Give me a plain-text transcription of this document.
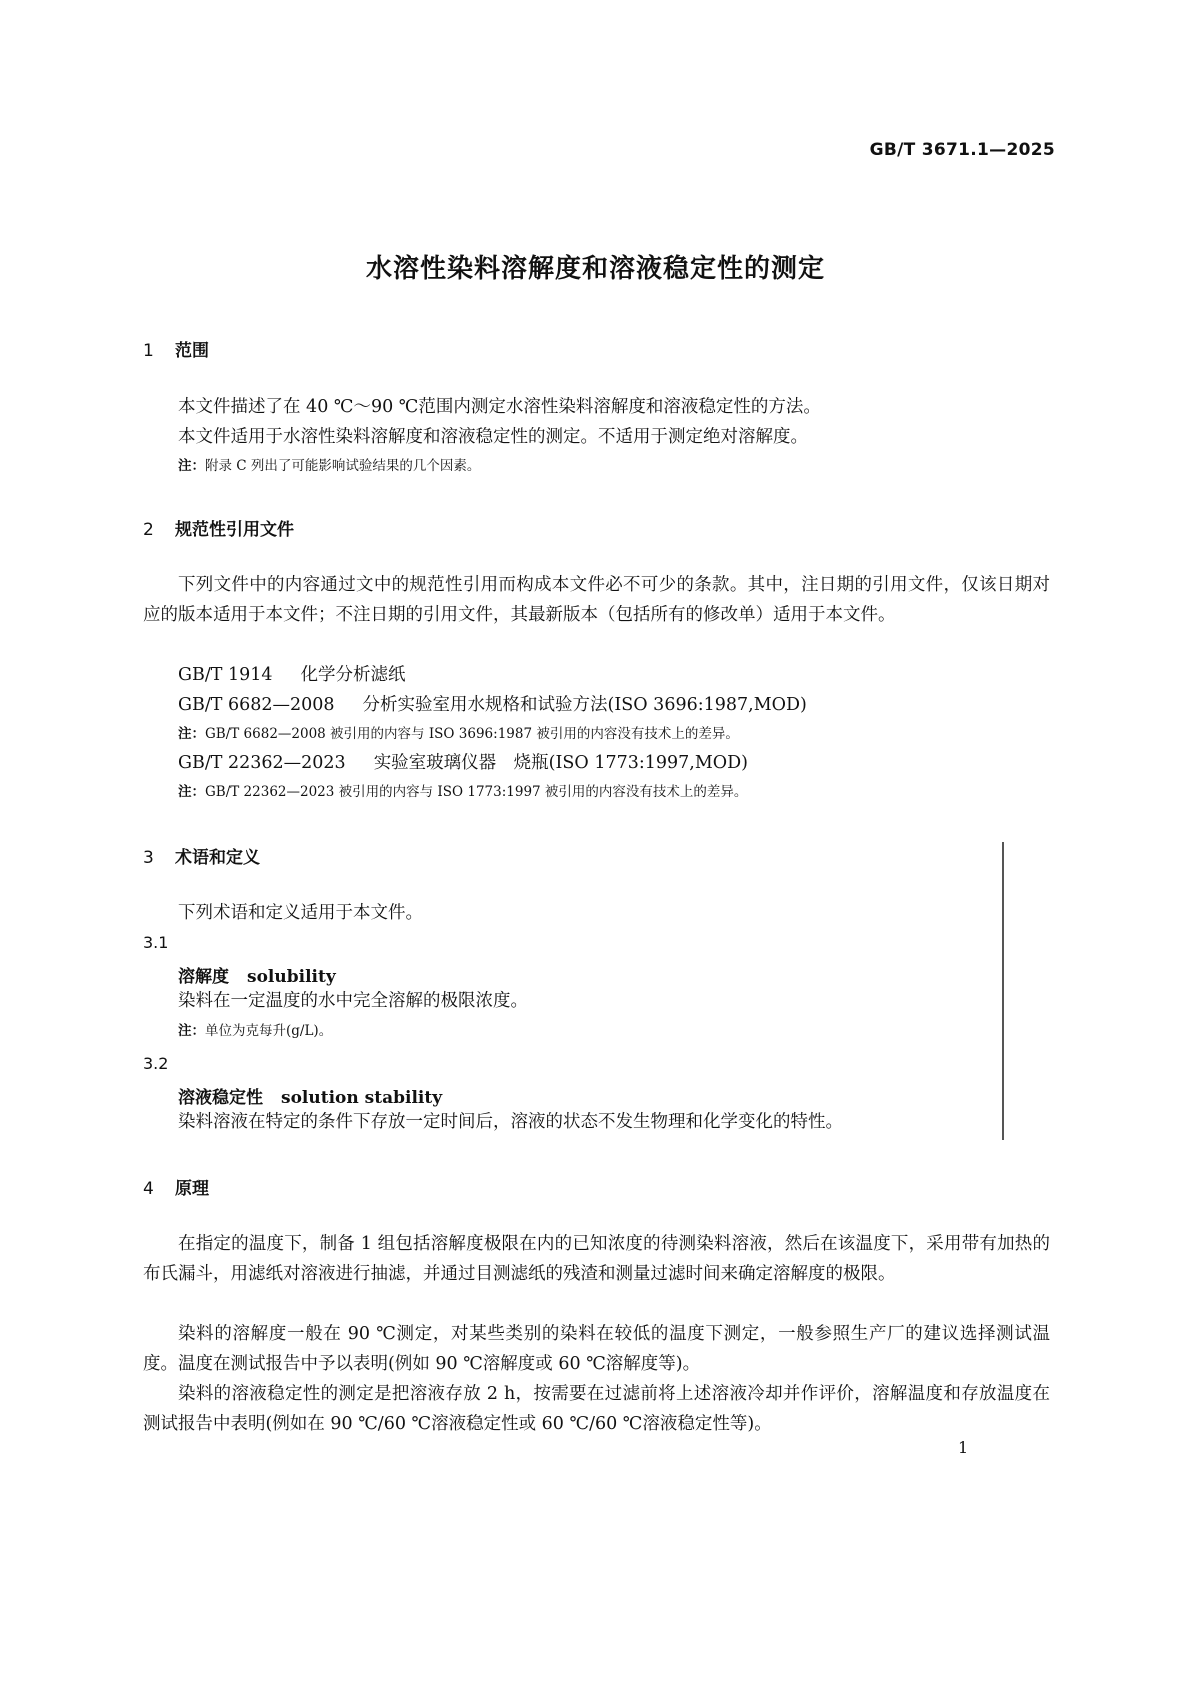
GB/T 3671.1—2025
水溶性染料溶解度和溶液稳定性的测定
1 范围

本文件描述了在 40 ℃～90 ℃范围内测定水溶性染料溶解度和溶液稳定性的方法。

本文件适用于水溶性染料溶解度和溶液稳定性的测定。不适用于测定绝对溶解度。

注：附录 C 列出了可能影响试验结果的几个因素。

2 规范性引用文件

下列文件中的内容通过文中的规范性引用而构成本文件必不可少的条款。其中，注日期的引用文件，仅该日期对应的版本适用于本文件；不注日期的引用文件，其最新版本（包括所有的修改单）适用于本文件。

GB/T 1914 化学分析滤纸

GB/T 6682—2008 分析实验室用水规格和试验方法(ISO 3696:1987,MOD)

注：GB/T 6682—2008 被引用的内容与 ISO 3696:1987 被引用的内容没有技术上的差异。

GB/T 22362—2023 实验室玻璃仪器　烧瓶(ISO 1773:1997,MOD)

注：GB/T 22362—2023 被引用的内容与 ISO 1773:1997 被引用的内容没有技术上的差异。

3 术语和定义

下列术语和定义适用于本文件。

3.1

溶解度 solubility

染料在一定温度的水中完全溶解的极限浓度。

注：单位为克每升(g/L)。

3.2

溶液稳定性 solution stability

染料溶液在特定的条件下存放一定时间后，溶液的状态不发生物理和化学变化的特性。

4 原理

在指定的温度下，制备 1 组包括溶解度极限在内的已知浓度的待测染料溶液，然后在该温度下，采用带有加热的布氏漏斗，用滤纸对溶液进行抽滤，并通过目测滤纸的残渣和测量过滤时间来确定溶解度的极限。

染料的溶解度一般在 90 ℃测定，对某些类别的染料在较低的温度下测定，一般参照生产厂的建议选择测试温度。温度在测试报告中予以表明(例如 90 ℃溶解度或 60 ℃溶解度等)。

染料的溶液稳定性的测定是把溶液存放 2 h，按需要在过滤前将上述溶液冷却并作评价，溶解温度和存放温度在测试报告中表明(例如在 90 ℃/60 ℃溶液稳定性或 60 ℃/60 ℃溶液稳定性等)。

1
